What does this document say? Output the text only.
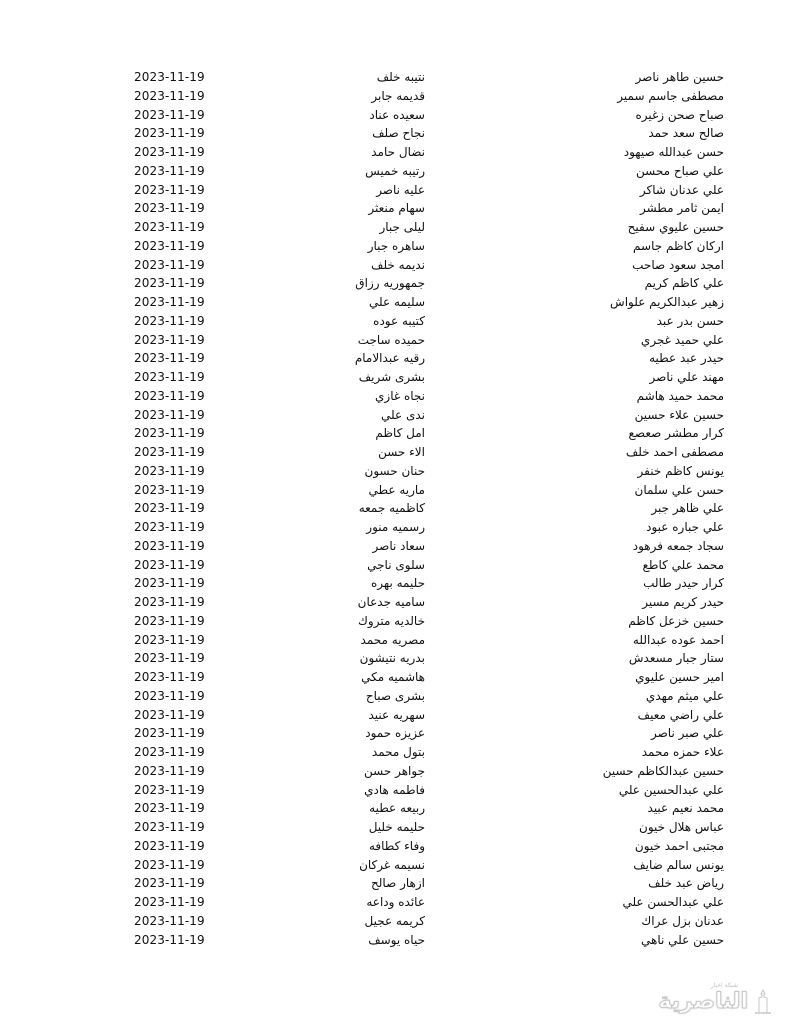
حسين طاهر ناصر
نتيبه خلف
2023-11-19
مصطفى جاسم سمير
قديمه جابر
2023-11-19
صباح صحن زغيره
سعيده عناد
2023-11-19
صالح سعد حمد
نجاح صلف
2023-11-19
حسن عبدالله صيهود
نضال حامد
2023-11-19
علي صباح محسن
رتيبه خميس
2023-11-19
علي عدنان شاكر
عليه ناصر
2023-11-19
ايمن ثامر مطشر
سهام منعثر
2023-11-19
حسين عليوي سفيح
ليلى جبار
2023-11-19
اركان كاظم جاسم
ساهره جبار
2023-11-19
امجد سعود صاحب
نديمه خلف
2023-11-19
علي كاظم كريم
جمهوريه رزاق
2023-11-19
زهير عبدالكريم علواش
سليمه علي
2023-11-19
حسن بدر عبد
كتيبه عوده
2023-11-19
علي حميد غجري
حميده ساجت
2023-11-19
حيدر عبد عطيه
رقيه عبدالامام
2023-11-19
مهند علي ناصر
بشرى شريف
2023-11-19
محمد حميد هاشم
نجاه غازي
2023-11-19
حسين علاء حسين
ندى علي
2023-11-19
كرار مطشر صعصع
امل كاظم
2023-11-19
مصطفى احمد خلف
الاء حسن
2023-11-19
يونس كاظم خنفر
حنان حسون
2023-11-19
حسن علي سلمان
ماريه عطي
2023-11-19
علي ظاهر جبر
كاظميه جمعه
2023-11-19
علي جباره عبود
رسميه منور
2023-11-19
سجاد جمعه فرهود
سعاد ناصر
2023-11-19
محمد علي كاطع
سلوى ناجي
2023-11-19
كرار حيدر طالب
حليمه بهره
2023-11-19
حيدر كريم مسير
ساميه جدعان
2023-11-19
حسين خزعل كاظم
خالديه متروك
2023-11-19
احمد عوده عبدالله
مصريه محمد
2023-11-19
ستار جبار مسعدش
بدريه نتيشون
2023-11-19
امير حسين عليوي
هاشميه مكي
2023-11-19
علي ميثم مهدي
بشرى صباح
2023-11-19
علي راضي معيف
سهريه عنيد
2023-11-19
علي صبر ناصر
عزيزه حمود
2023-11-19
علاء حمزه محمد
بتول محمد
2023-11-19
حسين عبدالكاظم حسين
جواهر حسن
2023-11-19
علي عبدالحسين علي
فاطمه هادي
2023-11-19
محمد نعيم عبيد
ربيعه عطيه
2023-11-19
عباس هلال خيون
حليمه خليل
2023-11-19
مجتبى احمد خيون
وفاء كطافه
2023-11-19
يونس سالم ضايف
نسيمه غركان
2023-11-19
رياض عبد خلف
ازهار صالح
2023-11-19
علي عبدالحسن علي
عائده وداعه
2023-11-19
عدنان بزل عراك
كريمه عجيل
2023-11-19
حسين علي ناهي
حياه يوسف
2023-11-19
شبكة اخبار
الناصرية
